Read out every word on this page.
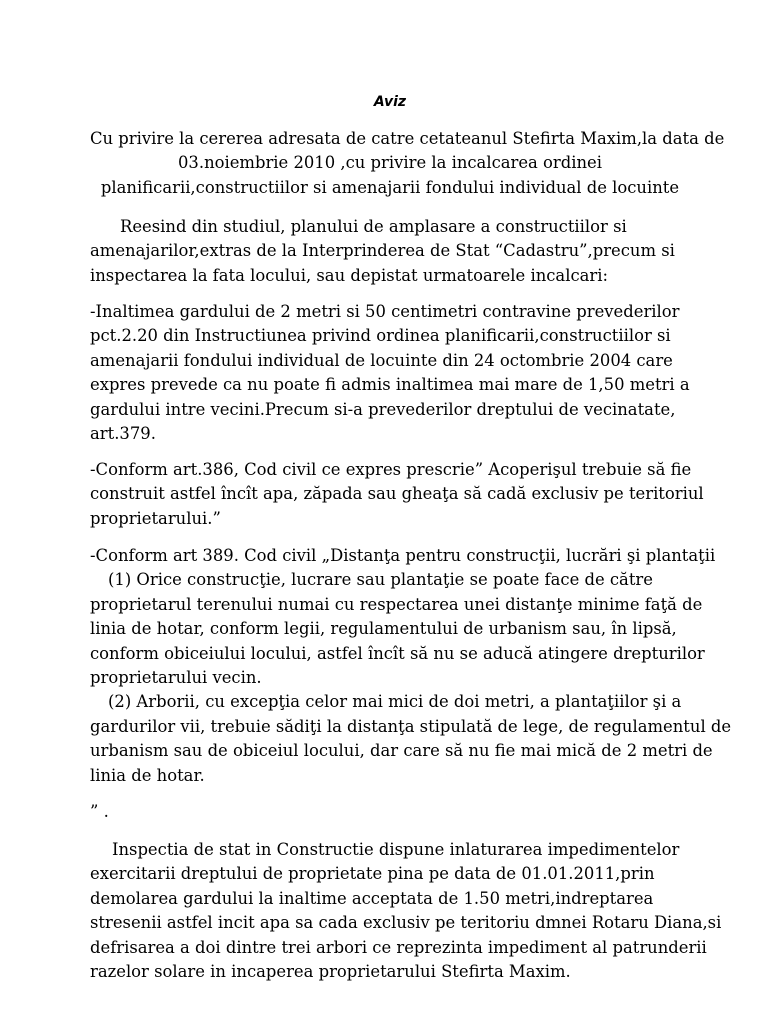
Aviz
Cu privire la cererea adresata de catre cetateanul Stefirta Maxim,la data de
03.noiembrie 2010 ,cu privire la incalcarea ordinei
planificarii,constructiilor si amenajarii fondului individual de locuinte
Reesind din studiul, planului de amplasare a constructiilor si
amenajarilor,extras de la Interprinderea de Stat “Cadastru”,precum si
inspectarea la fata locului, sau depistat urmatoarele incalcari:
-Inaltimea gardului de 2 metri si 50 centimetri contravine prevederilor
pct.2.20 din Instructiunea privind ordinea planificarii,constructiilor si
amenajarii fondului individual de locuinte din 24 octombrie 2004 care
expres prevede ca nu poate fi admis inaltimea mai mare de 1,50 metri a
gardului intre vecini.Precum si-a prevederilor dreptului de vecinatate,
art.379.
-Conform art.386, Cod civil ce expres prescrie” Acoperişul trebuie să fie
construit astfel încît apa, zăpada sau gheaţa să cadă exclusiv pe teritoriul
proprietarului.”
-Conform art 389. Cod civil „Distanţa pentru construcţii, lucrări şi plantaţii
(1) Orice construcţie, lucrare sau plantaţie se poate face de către
proprietarul terenului numai cu respectarea unei distanţe minime faţă de
linia de hotar, conform legii, regulamentului de urbanism sau, în lipsă,
conform obiceiului locului, astfel încît să nu se aducă atingere drepturilor
proprietarului vecin.
(2) Arborii, cu excepţia celor mai mici de doi metri, a plantaţiilor şi a
gardurilor vii, trebuie sădiţi la distanţa stipulată de lege, de regulamentul de
urbanism sau de obiceiul locului, dar care să nu fie mai mică de 2 metri de
linia de hotar.
” .
Inspectia de stat in Constructie dispune inlaturarea impedimentelor
exercitarii dreptului de proprietate pina pe data de 01.01.2011,prin
demolarea gardului la inaltime acceptata de 1.50 metri,indreptarea
stresenii astfel incit apa sa cada exclusiv pe teritoriu dmnei Rotaru Diana,si
defrisarea a doi dintre trei arbori ce reprezinta impediment al patrunderii
razelor solare in incaperea proprietarului Stefirta Maxim.
